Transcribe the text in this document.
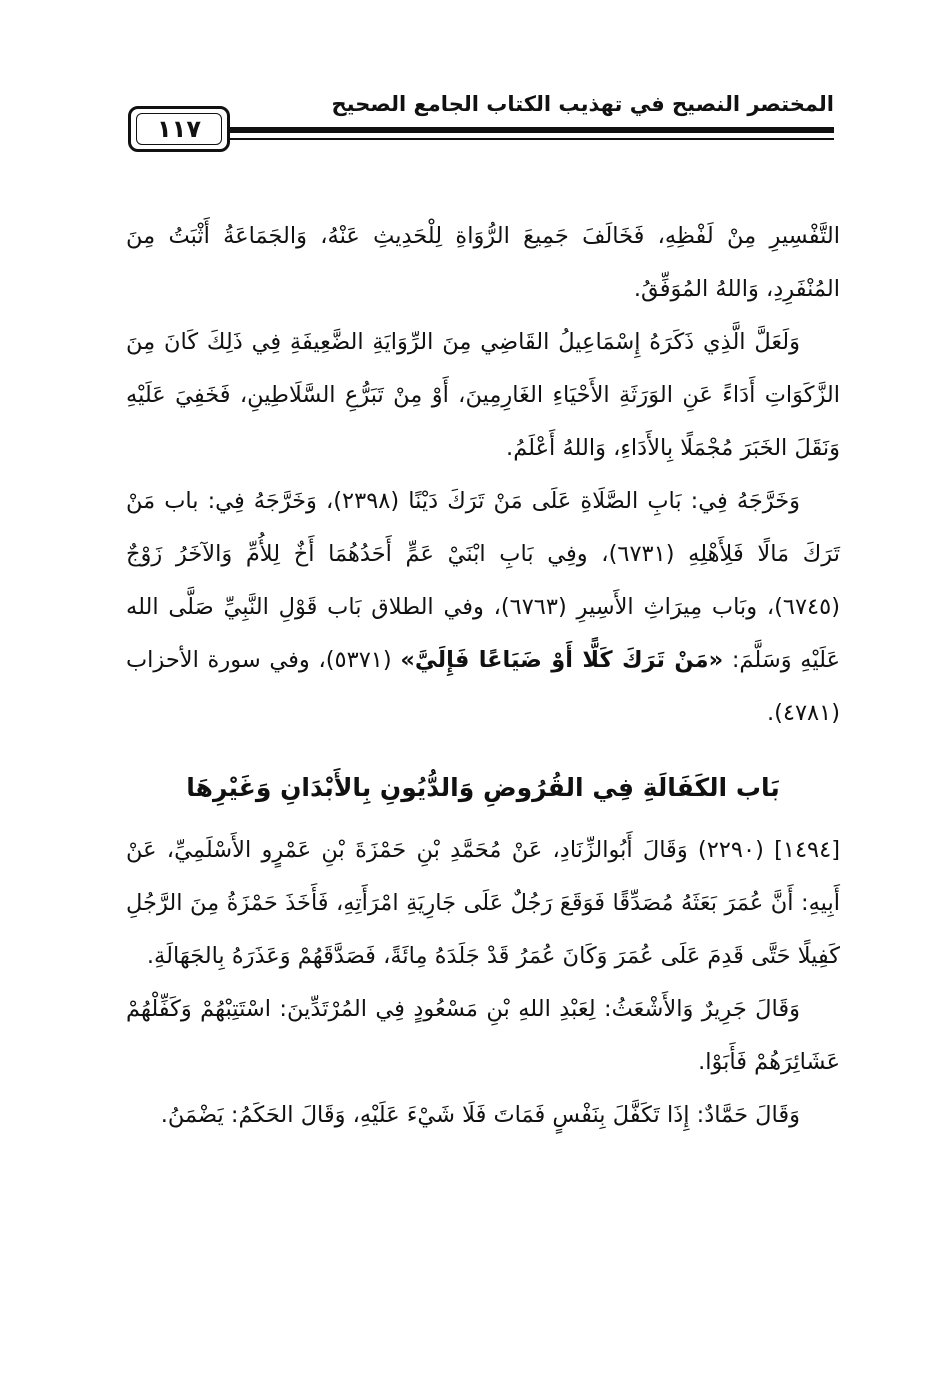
المختصر النصيح في تهذيب الكتاب الجامع الصحيح
١١٧

التَّفْسِيرِ مِنْ لَفْظِهِ، فَخَالَفَ جَمِيعَ الرُّوَاةِ لِلْحَدِيثِ عَنْهُ، وَالجَمَاعَةُ أَثْبَتُ مِنَ المُنْفَرِدِ، وَاللهُ المُوَفِّقُ.

وَلَعَلَّ الَّذِي ذَكَرَهُ إِسْمَاعِيلُ القَاضِي مِنَ الرِّوَايَةِ الضَّعِيفَةِ فِي ذَلِكَ كَانَ مِنَ الزَّكَوَاتِ أَدَاءً عَنِ الوَرَثَةِ الأَحْيَاءِ الغَارِمِينَ، أَوْ مِنْ تَبَرُّعِ السَّلَاطِينِ، فَخَفِيَ عَلَيْهِ وَنَقَلَ الخَبَرَ مُجْمَلًا بِالأَدَاءِ، وَاللهُ أَعْلَمُ.

وَخَرَّجَهُ فِي: بَابِ الصَّلَاةِ عَلَى مَنْ تَرَكَ دَيْنًا (٢٣٩٨)، وَخَرَّجَهُ فِي: باب مَنْ تَرَكَ مَالًا فَلِأَهْلِهِ (٦٧٣١)، وفِي بَابِ ابْنَيْ عَمٍّ أَحَدُهُمَا أَخٌ لِلأُمِّ وَالآخَرُ زَوْجٌ (٦٧٤٥)، وبَاب مِيرَاثِ الأَسِيرِ (٦٧٦٣)، وفي الطلاق بَاب قَوْلِ النَّبِيِّ صَلَّى الله عَلَيْهِ وَسَلَّمَ: «مَنْ تَرَكَ كَلًّا أَوْ ضَيَاعًا فَإِلَيَّ» (٥٣٧١)، وفي سورة الأحزاب (٤٧٨١).

بَاب الكَفَالَةِ فِي القُرُوضِ وَالدُّيُونِ بِالأَبْدَانِ وَغَيْرِهَا

[١٤٩٤] (٢٢٩٠) وَقَالَ أَبُوالزِّنَادِ، عَنْ مُحَمَّدِ بْنِ حَمْزَةَ بْنِ عَمْرٍو الأَسْلَمِيِّ، عَنْ أَبِيهِ: أَنَّ عُمَرَ بَعَثَهُ مُصَدِّقًا فَوَقَعَ رَجُلٌ عَلَى جَارِيَةِ امْرَأَتِهِ، فَأَخَذَ حَمْزَةُ مِنَ الرَّجُلِ كَفِيلًا حَتَّى قَدِمَ عَلَى عُمَرَ وَكَانَ عُمَرُ قَدْ جَلَدَهُ مِائَةً، فَصَدَّقَهُمْ وَعَذَرَهُ بِالجَهَالَةِ.

وَقَالَ جَرِيرٌ وَالأَشْعَثُ: لِعَبْدِ اللهِ بْنِ مَسْعُودٍ فِي المُرْتَدِّينَ: اسْتَتِبْهُمْ وَكَفِّلْهُمْ عَشَائِرَهُمْ فَأَبَوْا.

وَقَالَ حَمَّادٌ: إِذَا تَكَفَّلَ بِنَفْسٍ فَمَاتَ فَلَا شَيْءَ عَلَيْهِ، وَقَالَ الحَكَمُ: يَضْمَنُ.
